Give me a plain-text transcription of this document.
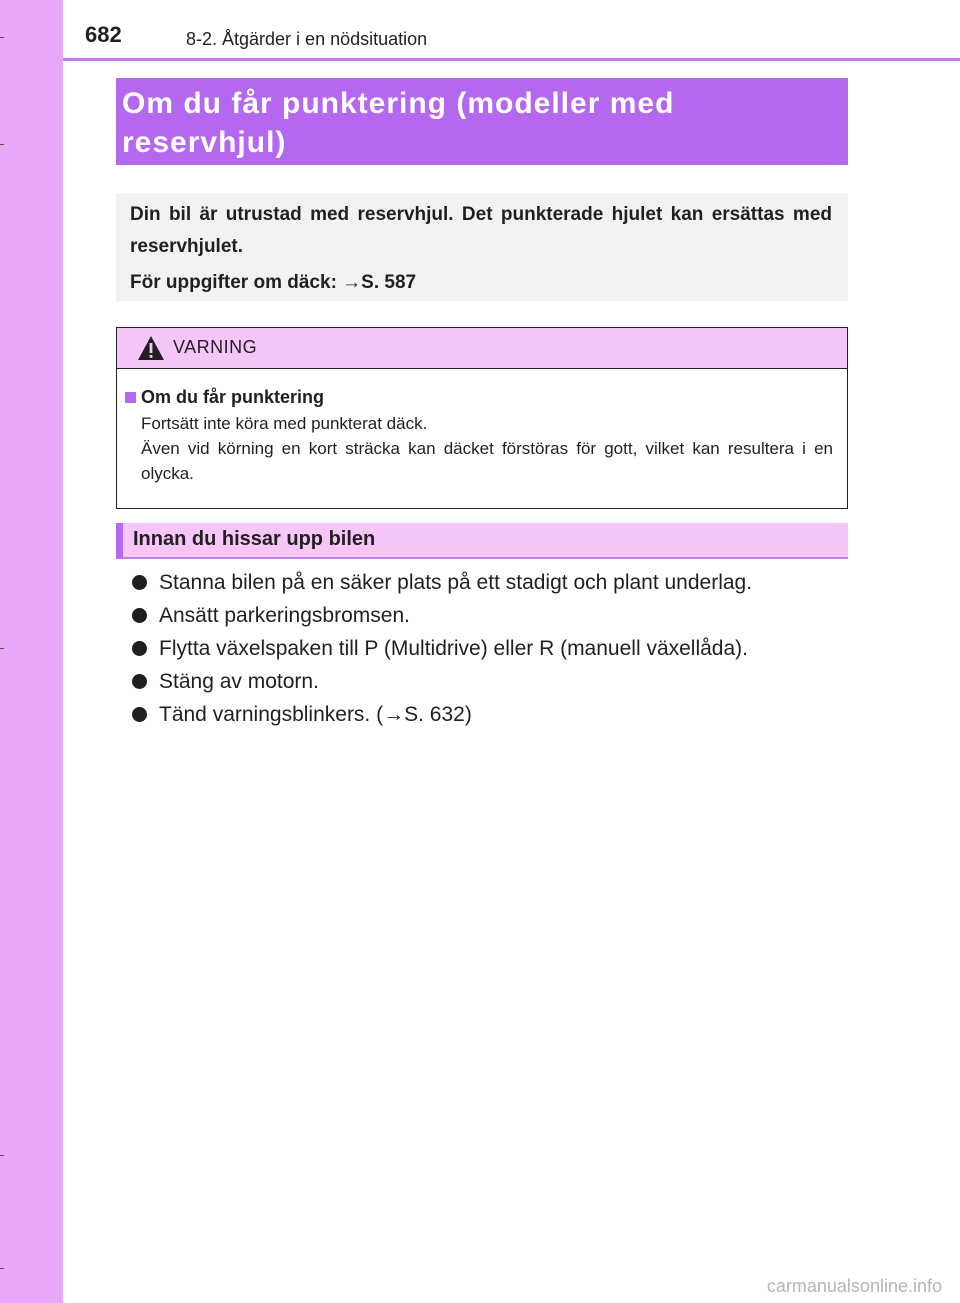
682	8-2. Åtgärder i en nödsituation
Om du får punktering (modeller med reservhjul)

Din bil är utrustad med reservhjul. Det punkterade hjulet kan ersättas med reservhjulet.

För uppgifter om däck: →S. 587

VARNING
Om du får punktering

Fortsätt inte köra med punkterat däck.
Även vid körning en kort sträcka kan däcket förstöras för gott, vilket kan resultera i en olycka.

Innan du hissar upp bilen
Stanna bilen på en säker plats på ett stadigt och plant underlag.
Ansätt parkeringsbromsen.
Flytta växelspaken till P (Multidrive) eller R (manuell växellåda).
Stäng av motorn.
Tänd varningsblinkers. (→S. 632)
carmanualsonline.info
